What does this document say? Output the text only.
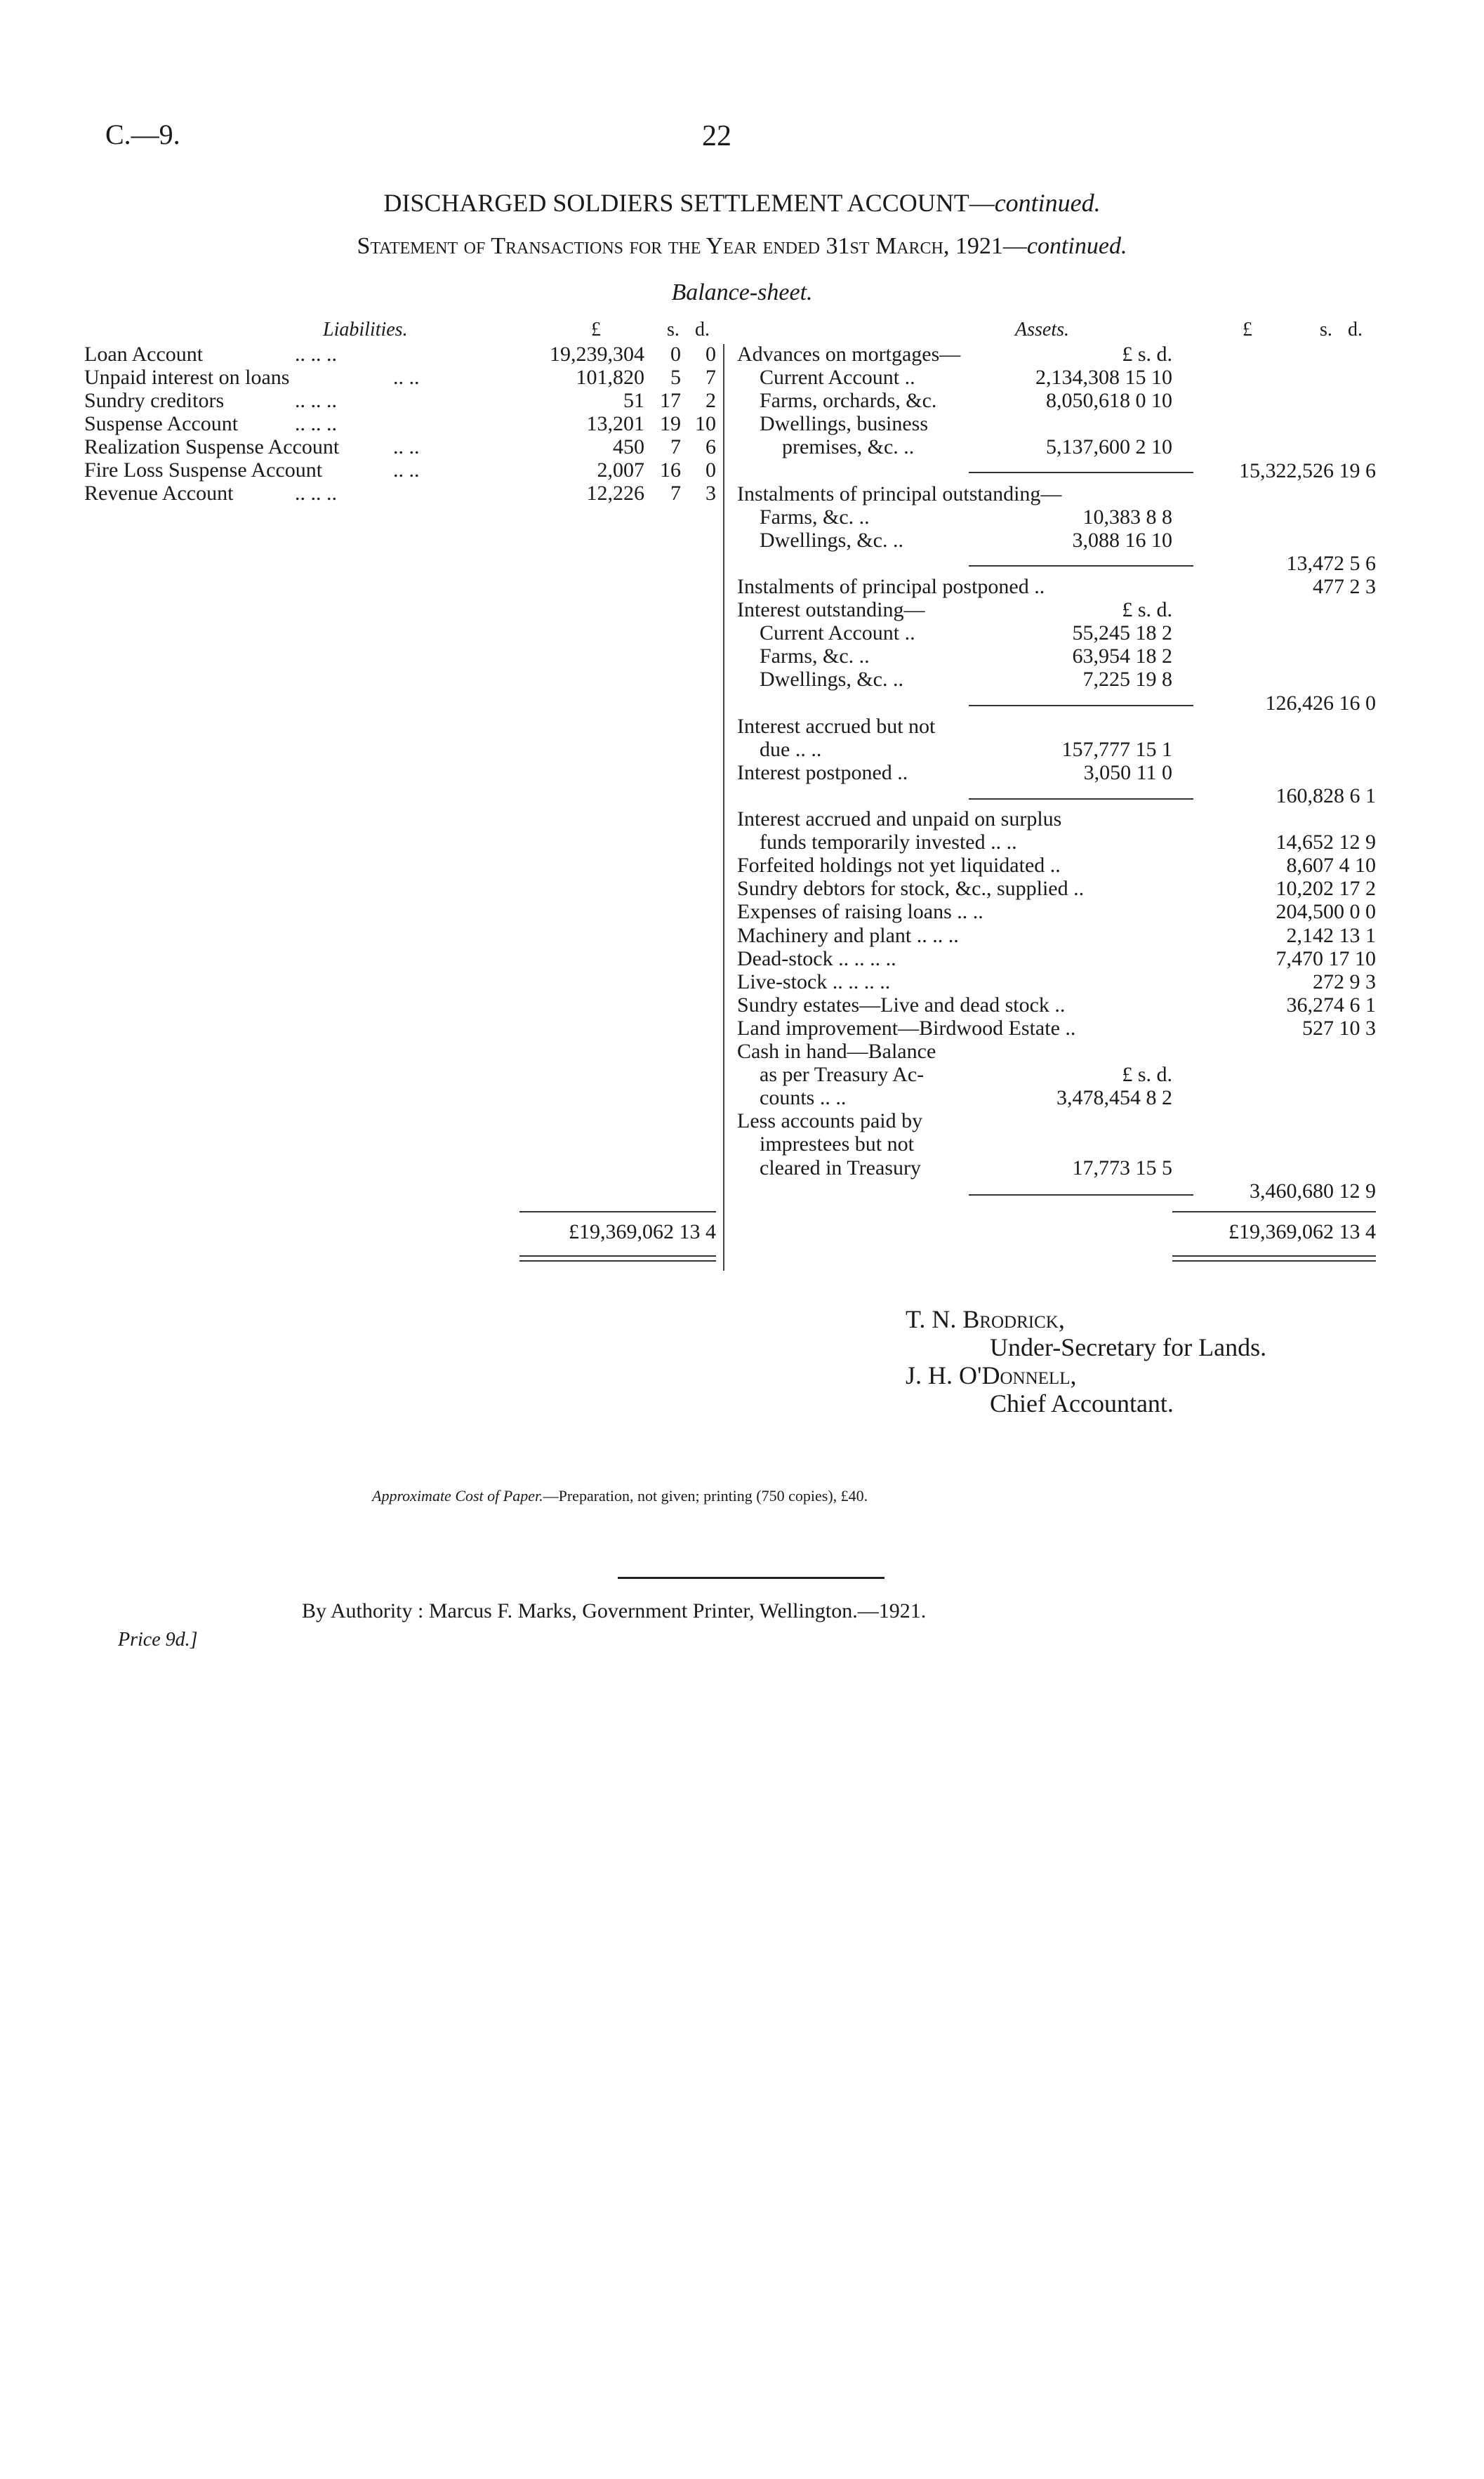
C.—9.	22
DISCHARGED SOLDIERS SETTLEMENT ACCOUNT—continued.
Statement of Transactions for the Year ended 31st March, 1921—continued.
Balance-sheet.
Liabilities.	£	s. d.	Assets.	£	s. d.
Loan Account	.. .. ..	19,239,304	0	0
Unpaid interest on loans	.. ..	101,820	5	7
Sundry creditors	.. .. ..	51 17	2
Suspense Account	.. .. ..	13,201 19 10
Realization Suspense Account	.. ..	450	7	6
Fire Loss Suspense Account	.. ..	2,007 16	0
Revenue Account	.. .. ..	12,226	7	3
£19,369,062 13 4
Advances on mortgages—	£ s. d.
Current Account ..	2,134,308 15 10
Farms, orchards, &c.	8,050,618 0 10
Dwellings, business
premises, &c. ..	5,137,600 2 10
15,322,526 19 6
Instalments of principal outstanding—
Farms, &c. ..	10,383 8 8
Dwellings, &c. ..	3,088 16 10
13,472 5 6
Instalments of principal postponed ..	477 2 3
Interest outstanding—	£ s. d.
Current Account ..	55,245 18 2
Farms, &c. ..	63,954 18 2
Dwellings, &c. ..	7,225 19 8
126,426 16 0
Interest accrued but not
due .. ..	157,777 15 1
Interest postponed ..	3,050 11 0
160,828 6 1
Interest accrued and unpaid on surplus
funds temporarily invested .. ..	14,652 12 9
Forfeited holdings not yet liquidated ..	8,607 4 10
Sundry debtors for stock, &c., supplied ..	10,202 17 2
Expenses of raising loans .. ..	204,500 0 0
Machinery and plant .. .. ..	2,142 13 1
Dead-stock .. .. .. ..	7,470 17 10
Live-stock .. .. .. ..	272 9 3
Sundry estates—Live and dead stock ..	36,274 6 1
Land improvement—Birdwood Estate ..	527 10 3
Cash in hand—Balance
as per Treasury Ac-	£ s. d.
counts .. ..	3,478,454 8 2
Less accounts paid by
imprestees but not
cleared in Treasury	17,773 15 5
3,460,680 12 9
£19,369,062 13 4
T. N. Brodrick,
Under-Secretary for Lands.
J. H. O'Donnell,
Chief Accountant.
Approximate Cost of Paper.—Preparation, not given; printing (750 copies), £40.
By Authority : Marcus F. Marks, Government Printer, Wellington.—1921.
Price 9d.]
